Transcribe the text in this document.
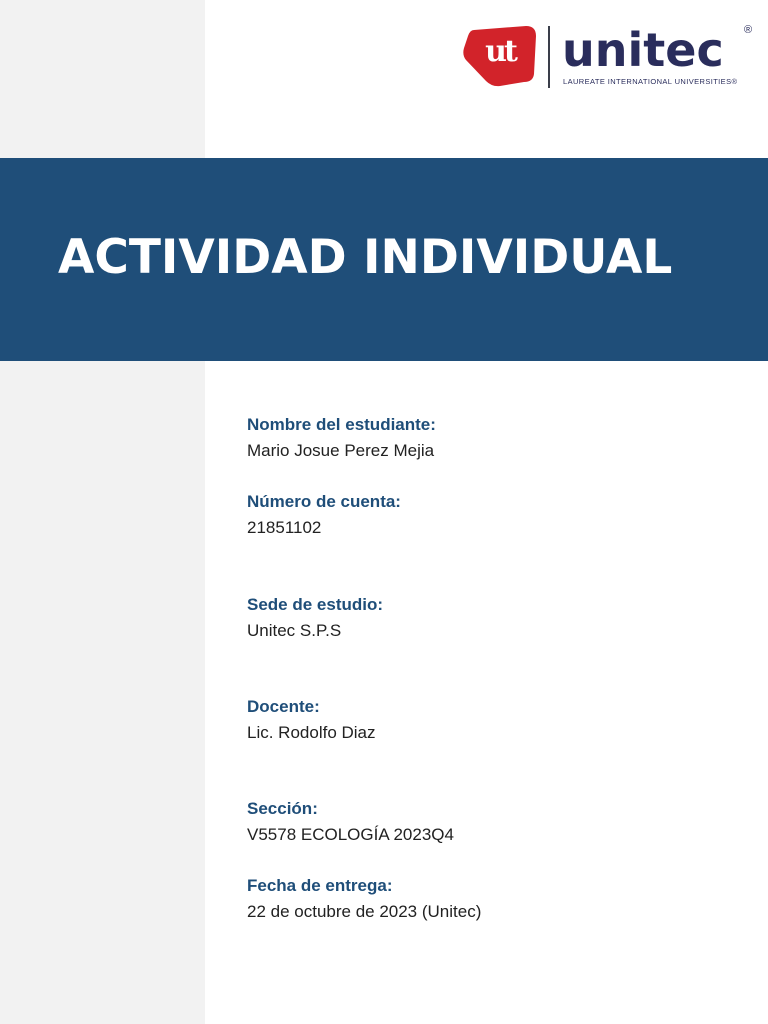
ut	unitec ®
LAUREATE INTERNATIONAL UNIVERSITIES®
ACTIVIDAD INDIVIDUAL
Nombre del estudiante:
Mario Josue Perez Mejia
Número de cuenta:
21851102
Sede de estudio:
Unitec S.P.S
Docente:
Lic. Rodolfo Diaz
Sección:
V5578 ECOLOGÍA 2023Q4
Fecha de entrega:
22 de octubre de 2023 (Unitec)
